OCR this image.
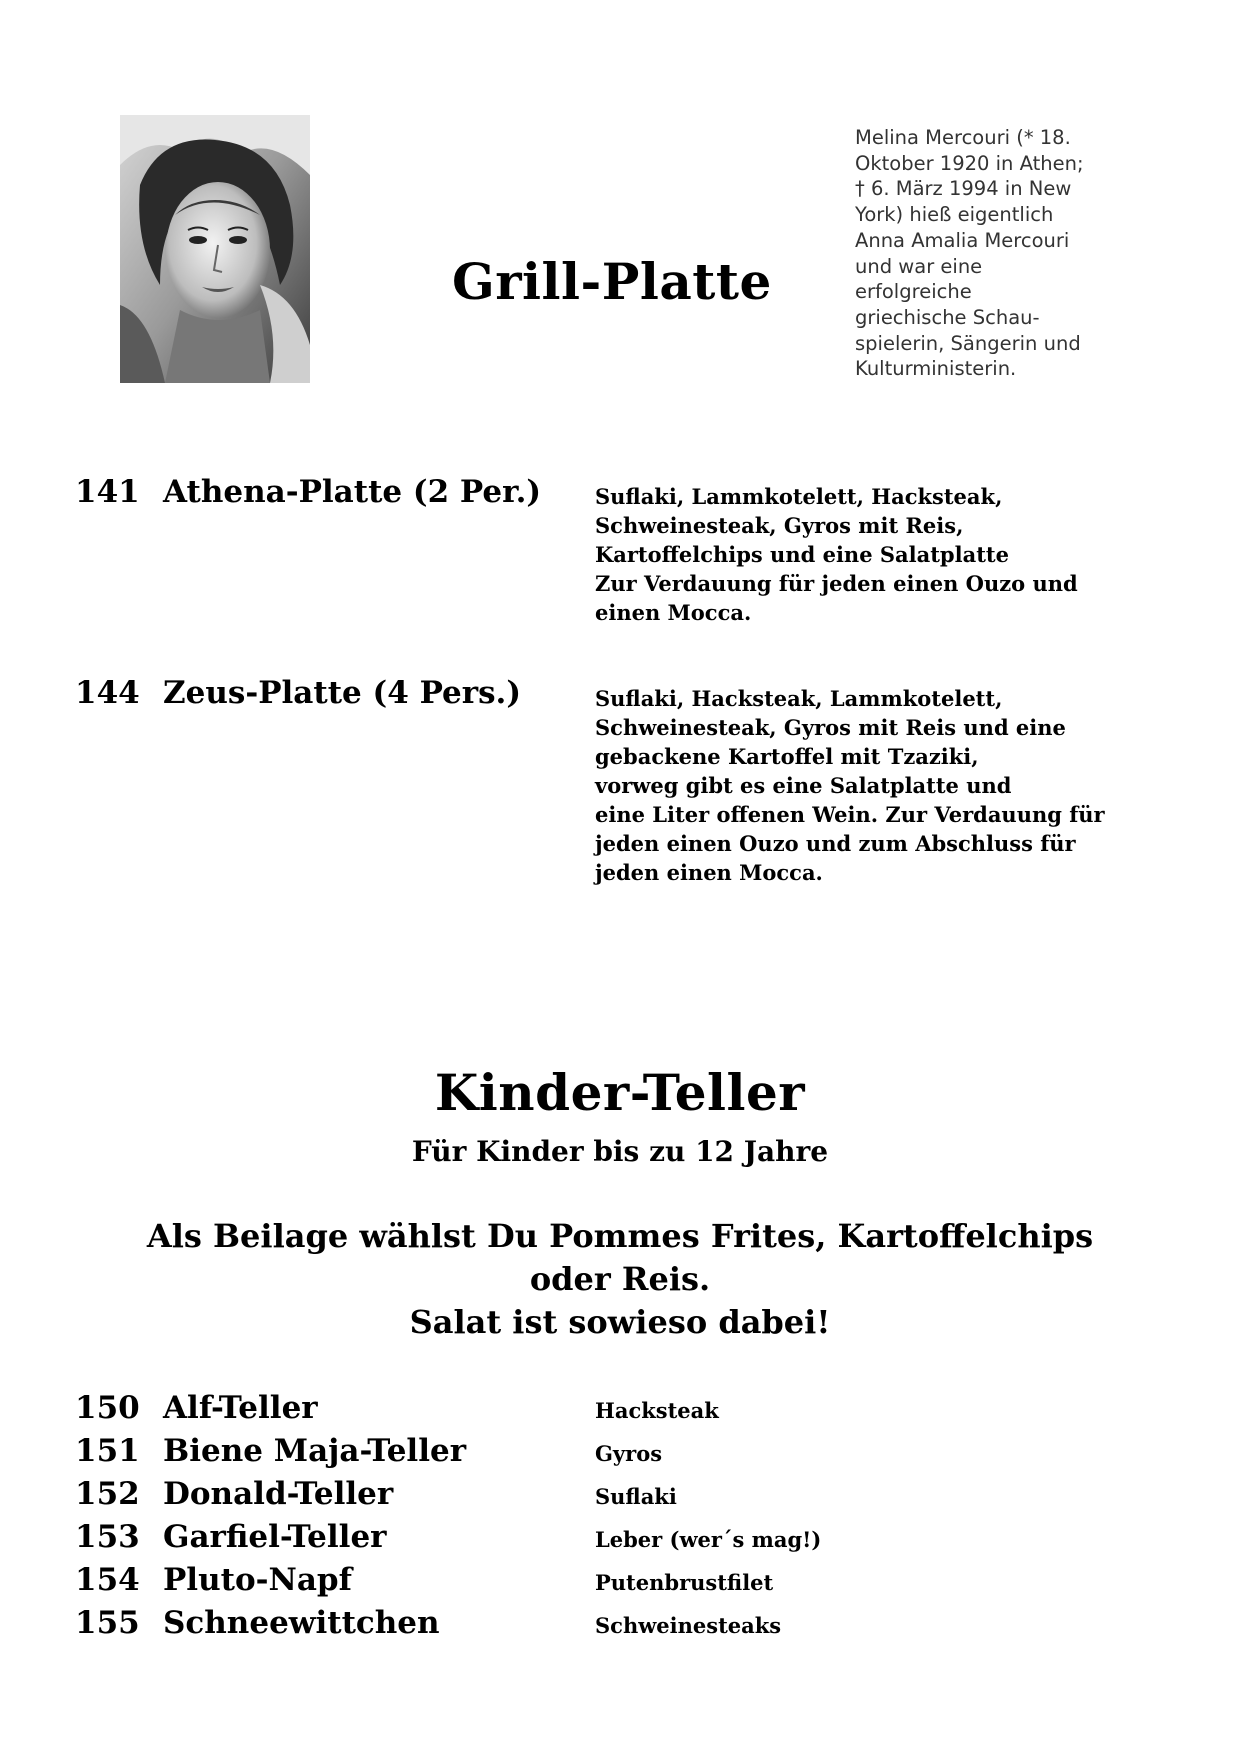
Grill-Platte
Melina Mercouri (* 18.
Oktober 1920 in Athen;
† 6. März 1994 in New
York) hieß eigentlich
Anna Amalia Mercouri
und war eine
erfolgreiche
griechische Schau-
spielerin, Sängerin und
Kulturministerin.
141 Athena-Platte (2 Per.)	Suflaki, Lammkotelett, Hacksteak,
Schweinesteak, Gyros mit Reis,
Kartoffelchips und eine Salatplatte
Zur Verdauung für jeden einen Ouzo und
einen Mocca.
144 Zeus-Platte (4 Pers.)	Suflaki, Hacksteak, Lammkotelett,
Schweinesteak, Gyros mit Reis und eine
gebackene Kartoffel mit Tzaziki,
vorweg gibt es eine Salatplatte und
eine Liter offenen Wein. Zur Verdauung für
jeden einen Ouzo und zum Abschluss für
jeden einen Mocca.
Kinder-Teller
Für Kinder bis zu 12 Jahre
Als Beilage wählst Du Pommes Frites, Kartoffelchips
oder Reis.
Salat ist sowieso dabei!
150 Alf-Teller	Hacksteak
151 Biene Maja-Teller	Gyros
152 Donald-Teller	Suflaki
153 Garfiel-Teller	Leber (wer´s mag!)
154 Pluto-Napf	Putenbrustfilet
155 Schneewittchen	Schweinesteaks
